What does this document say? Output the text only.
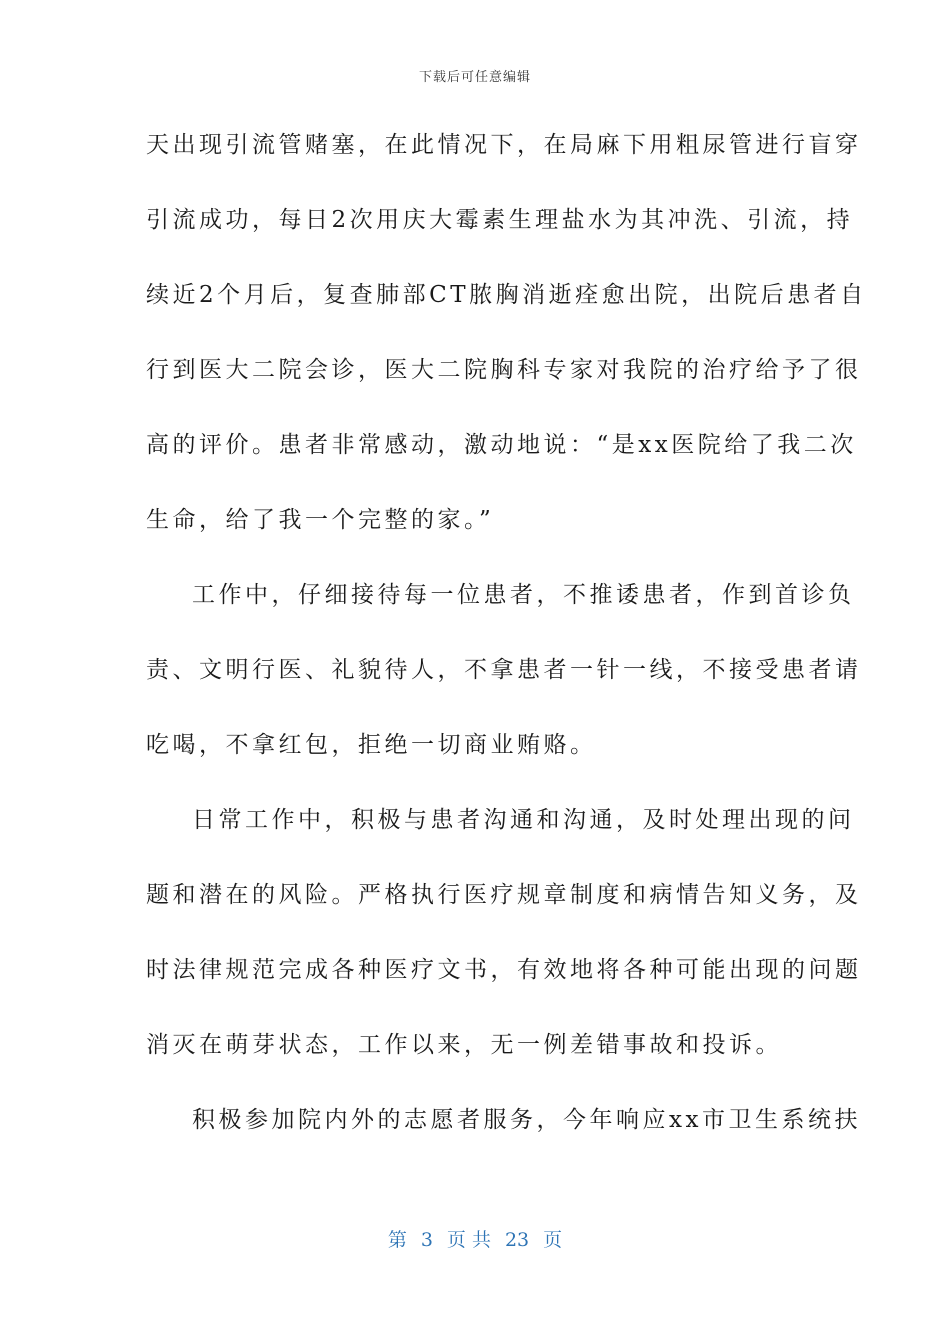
下载后可任意编辑
天出现引流管赌塞，在此情况下，在局麻下用粗尿管进行盲穿
引流成功，每日2次用庆大霉素生理盐水为其冲洗、引流，持
续近2个月后，复查肺部CT脓胸消逝痊愈出院，出院后患者自
行到医大二院会诊，医大二院胸科专家对我院的治疗给予了很
高的评价。患者非常感动，激动地说：“是xx医院给了我二次
生命，给了我一个完整的家。”
工作中，仔细接待每一位患者，不推诿患者，作到首诊负
责、文明行医、礼貌待人，不拿患者一针一线，不接受患者请
吃喝，不拿红包，拒绝一切商业贿赂。
日常工作中，积极与患者沟通和沟通，及时处理出现的问
题和潜在的风险。严格执行医疗规章制度和病情告知义务，及
时法律规范完成各种医疗文书，有效地将各种可能出现的问题
消灭在萌芽状态，工作以来，无一例差错事故和投诉。
积极参加院内外的志愿者服务，今年响应xx市卫生系统扶
第 3 页 共 23 页
